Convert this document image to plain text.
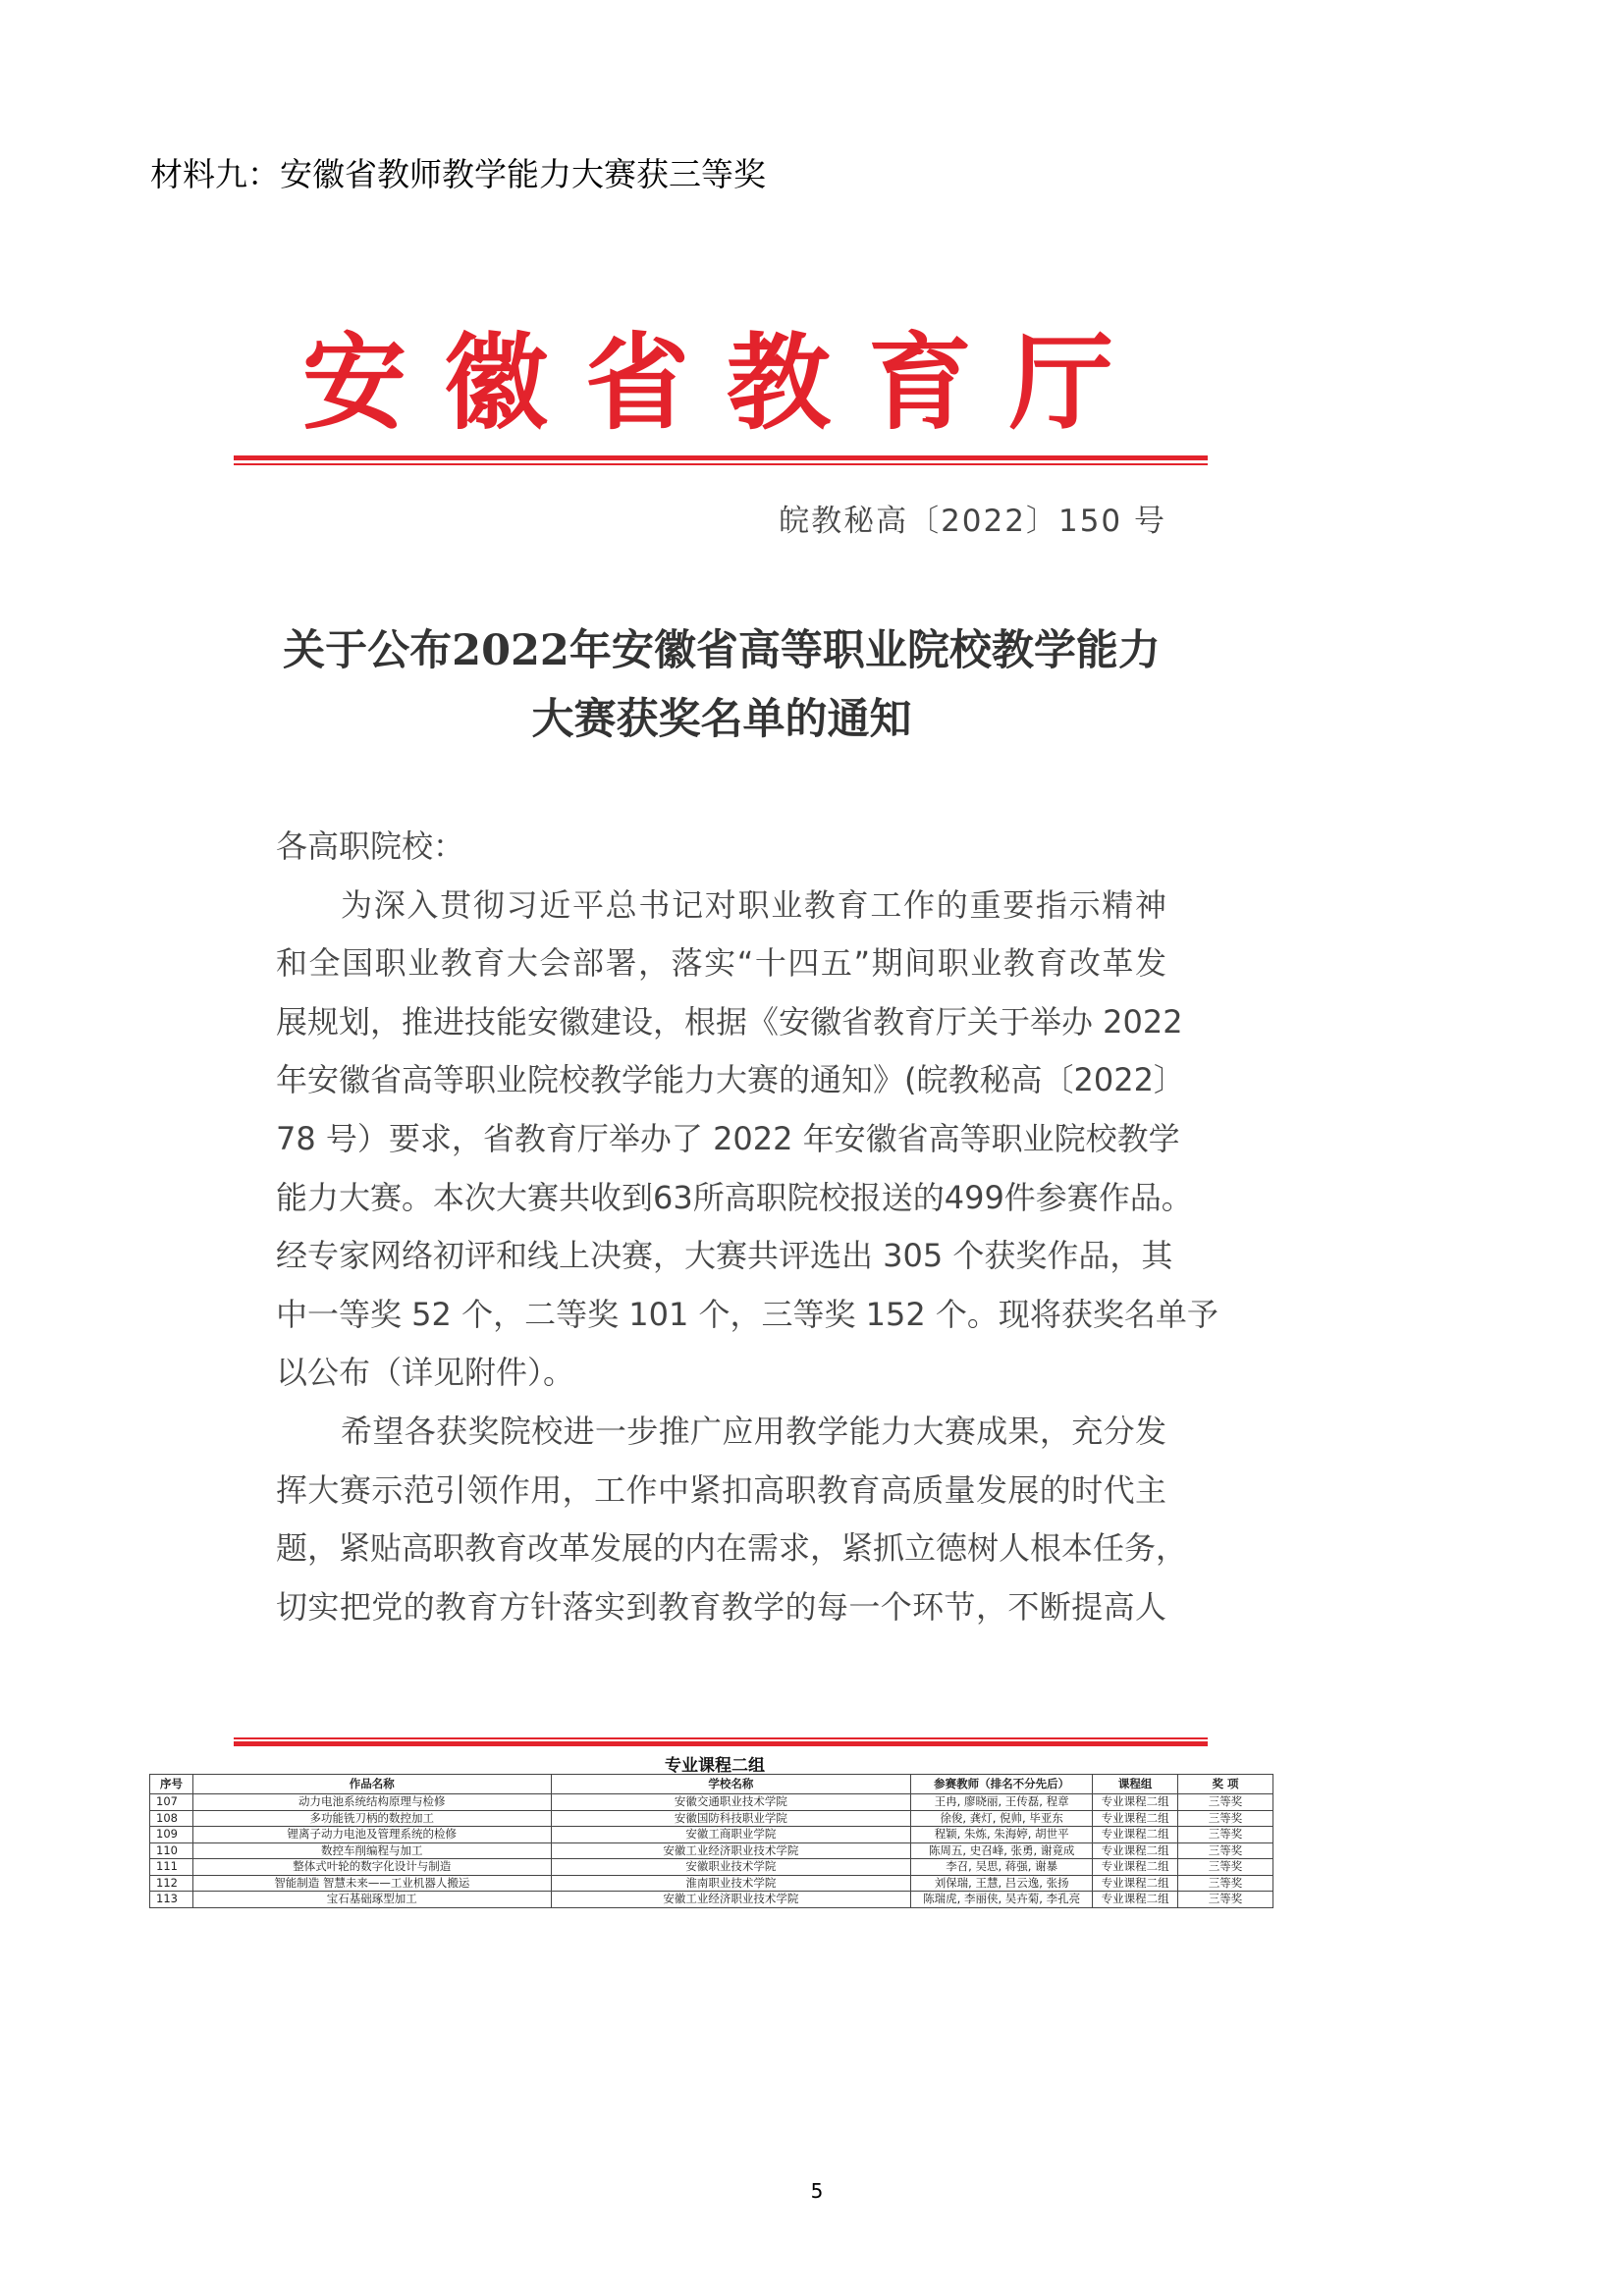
材料九：安徽省教师教学能力大赛获三等奖
安徽省教育厅
皖教秘高〔2022〕150 号
关于公布2022年安徽省高等职业院校教学能力
大赛获奖名单的通知
各高职院校：
为深入贯彻习近平总书记对职业教育工作的重要指示精神
和全国职业教育大会部署，落实“十四五”期间职业教育改革发
展规划，推进技能安徽建设，根据《安徽省教育厅关于举办 2022
年安徽省高等职业院校教学能力大赛的通知》(皖教秘高〔2022〕
78 号）要求，省教育厅举办了 2022 年安徽省高等职业院校教学
能力大赛。本次大赛共收到63所高职院校报送的499件参赛作品。
经专家网络初评和线上决赛，大赛共评选出 305 个获奖作品，其
中一等奖 52 个，二等奖 101 个，三等奖 152 个。现将获奖名单予
以公布（详见附件）。
希望各获奖院校进一步推广应用教学能力大赛成果，充分发
挥大赛示范引领作用，工作中紧扣高职教育高质量发展的时代主
题，紧贴高职教育改革发展的内在需求，紧抓立德树人根本任务，
切实把党的教育方针落实到教育教学的每一个环节，不断提高人
专业课程二组
序号	作品名称	学校名称	参赛教师（排名不分先后）	课程组	奖 项
107	动力电池系统结构原理与检修	安徽交通职业技术学院	王冉, 廖晓丽, 王传磊, 程章	专业课程二组	三等奖
108	多功能铣刀柄的数控加工	安徽国防科技职业学院	徐俊, 龚灯, 倪帅, 毕亚东	专业课程二组	三等奖
109	锂离子动力电池及管理系统的检修	安徽工商职业学院	程颖, 朱炼, 朱海婷, 胡世平	专业课程二组	三等奖
110	数控车削编程与加工	安徽工业经济职业技术学院	陈周五, 史召峰, 张勇, 谢竟成	专业课程二组	三等奖
111	整体式叶轮的数字化设计与制造	安徽职业技术学院	李召, 吴思, 蒋强, 谢暴	专业课程二组	三等奖
112	智能制造 智慧未来——工业机器人搬运	淮南职业技术学院	刘保瑞, 王慧, 吕云逸, 张扬	专业课程二组	三等奖
113	宝石基础琢型加工	安徽工业经济职业技术学院	陈瑞虎, 李丽侠, 吴卉菊, 李孔亮	专业课程二组	三等奖
5
